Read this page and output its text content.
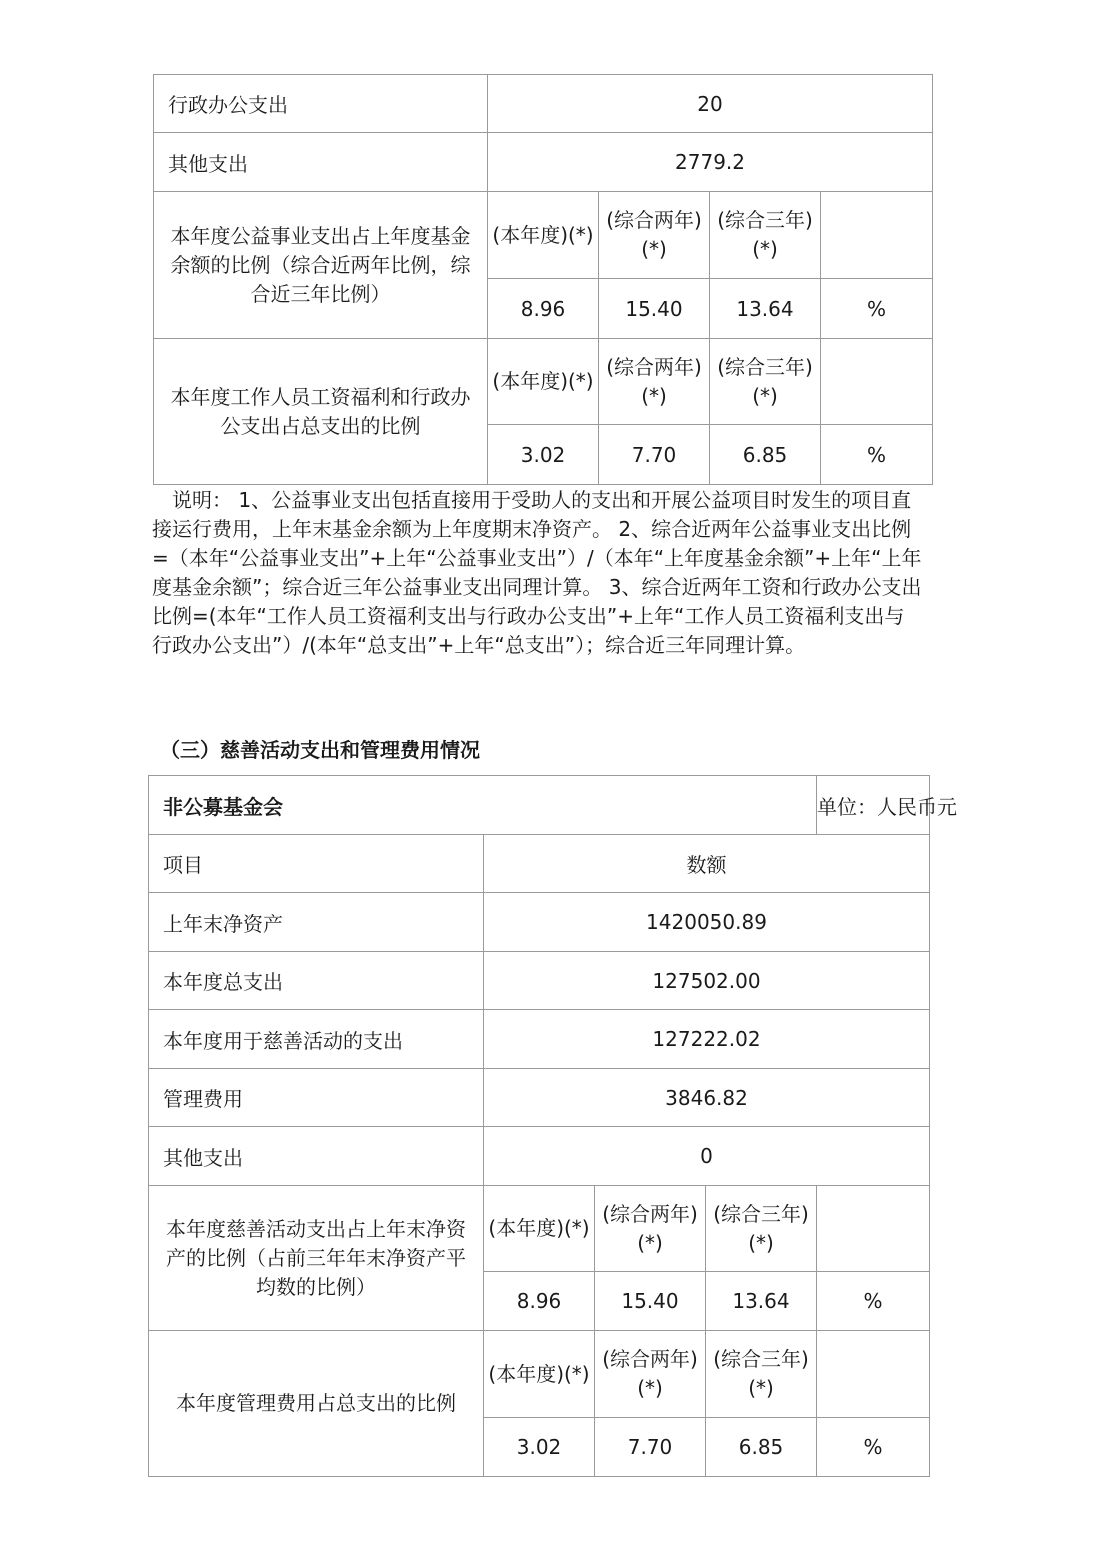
行政办公支出	20			
其他支出	2779.2			
本年度公益事业支出占上年度基金余额的比例（综合近两年比例，综合近三年比例）	(本年度)(*)	(综合两年)(*)	(综合三年)(*)	
	8.96	15.40	13.64	%
本年度工作人员工资福利和行政办公支出占总支出的比例	(本年度)(*)	(综合两年)(*)	(综合三年)(*)	
	3.02	7.70	6.85	%

说明： 1、公益事业支出包括直接用于受助人的支出和开展公益项目时发生的项目直接运行费用，上年末基金余额为上年度期末净资产。 2、综合近两年公益事业支出比例=（本年“公益事业支出”+上年“公益事业支出”）/（本年“上年度基金余额”+上年“上年度基金余额”；综合近三年公益事业支出同理计算。 3、综合近两年工资和行政办公支出比例=(本年“工作人员工资福利支出与行政办公支出”+上年“工作人员工资福利支出与行政办公支出”）/(本年“总支出”+上年“总支出”）；综合近三年同理计算。

（三）慈善活动支出和管理费用情况

非公募基金会				单位：人民币元
项目	数额			
上年末净资产	1420050.89			
本年度总支出	127502.00			
本年度用于慈善活动的支出	127222.02			
管理费用	3846.82			
其他支出	0			
本年度慈善活动支出占上年末净资产的比例（占前三年年末净资产平均数的比例）	(本年度)(*)	(综合两年)(*)	(综合三年)(*)	
	8.96	15.40	13.64	%
本年度管理费用占总支出的比例	(本年度)(*)	(综合两年)(*)	(综合三年)(*)	
	3.02	7.70	6.85	%
